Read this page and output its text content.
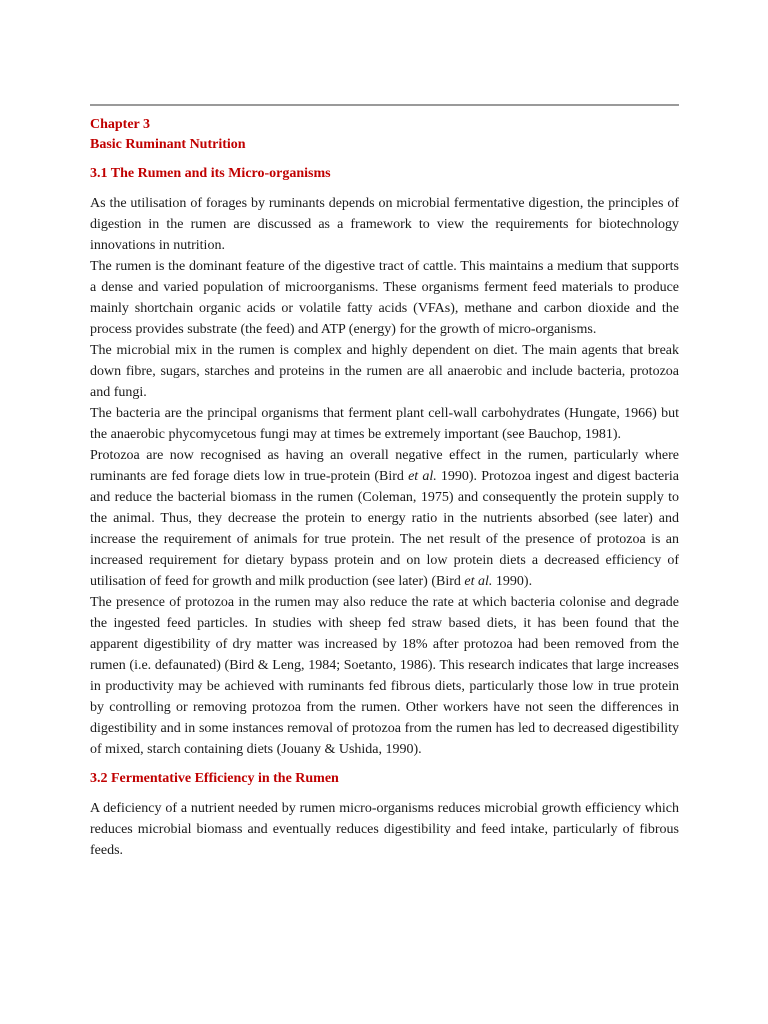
Chapter 3
Basic Ruminant Nutrition
3.1 The Rumen and its Micro-organisms

As the utilisation of forages by ruminants depends on microbial fermentative digestion, the principles of digestion in the rumen are discussed as a framework to view the requirements for biotechnology innovations in nutrition.

The rumen is the dominant feature of the digestive tract of cattle. This maintains a medium that supports a dense and varied population of microorganisms. These organisms ferment feed materials to produce mainly shortchain organic acids or volatile fatty acids (VFAs), methane and carbon dioxide and the process provides substrate (the feed) and ATP (energy) for the growth of micro-organisms.

The microbial mix in the rumen is complex and highly dependent on diet. The main agents that break down fibre, sugars, starches and proteins in the rumen are all anaerobic and include bacteria, protozoa and fungi.

The bacteria are the principal organisms that ferment plant cell-wall carbohydrates (Hungate, 1966) but the anaerobic phycomycetous fungi may at times be extremely important (see Bauchop, 1981).

Protozoa are now recognised as having an overall negative effect in the rumen, particularly where ruminants are fed forage diets low in true-protein (Bird et al. 1990). Protozoa ingest and digest bacteria and reduce the bacterial biomass in the rumen (Coleman, 1975) and consequently the protein supply to the animal. Thus, they decrease the protein to energy ratio in the nutrients absorbed (see later) and increase the requirement of animals for true protein. The net result of the presence of protozoa is an increased requirement for dietary bypass protein and on low protein diets a decreased efficiency of utilisation of feed for growth and milk production (see later) (Bird et al. 1990).

The presence of protozoa in the rumen may also reduce the rate at which bacteria colonise and degrade the ingested feed particles. In studies with sheep fed straw based diets, it has been found that the apparent digestibility of dry matter was increased by 18% after protozoa had been removed from the rumen (i.e. defaunated) (Bird & Leng, 1984; Soetanto, 1986). This research indicates that large increases in productivity may be achieved with ruminants fed fibrous diets, particularly those low in true protein by controlling or removing protozoa from the rumen. Other workers have not seen the differences in digestibility and in some instances removal of protozoa from the rumen has led to decreased digestibility of mixed, starch containing diets (Jouany & Ushida, 1990).

3.2 Fermentative Efficiency in the Rumen

A deficiency of a nutrient needed by rumen micro-organisms reduces microbial growth efficiency which reduces microbial biomass and eventually reduces digestibility and feed intake, particularly of fibrous feeds.
